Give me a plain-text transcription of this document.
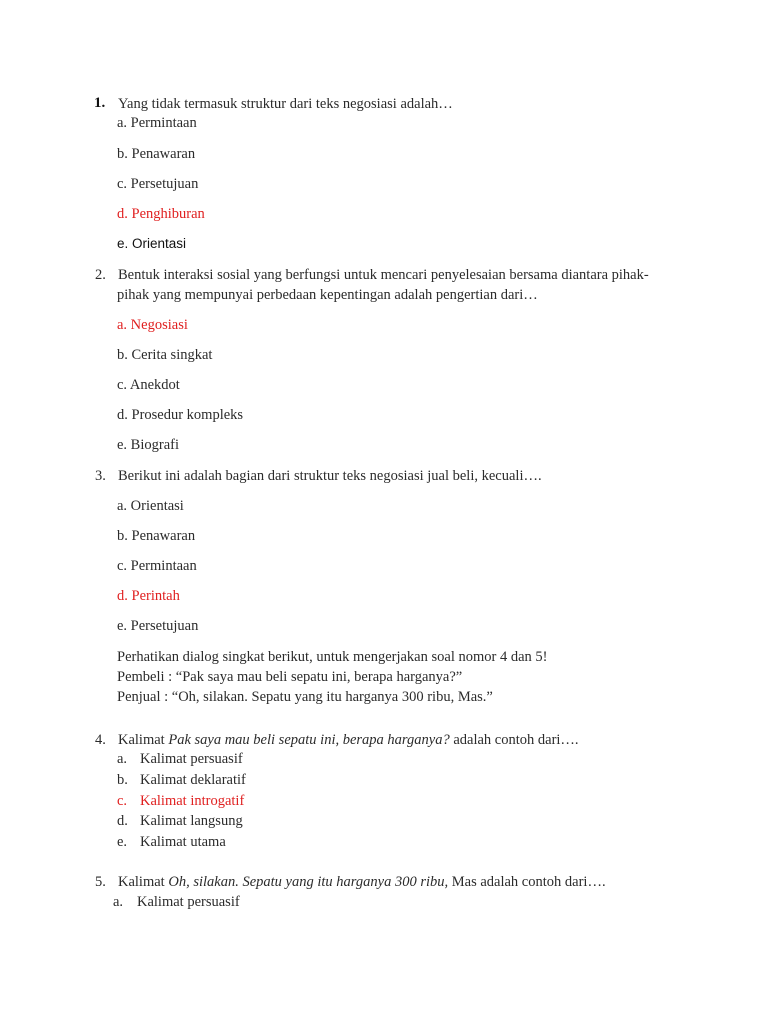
1. Yang tidak termasuk struktur dari teks negosiasi adalah…
a. Permintaan
b. Penawaran
c. Persetujuan
d. Penghiburan
e. Orientasi
2. Bentuk interaksi sosial yang berfungsi untuk mencari penyelesaian bersama diantara pihak-
pihak yang mempunyai perbedaan kepentingan adalah pengertian dari…
a. Negosiasi
b. Cerita singkat
c. Anekdot
d. Prosedur kompleks
e. Biografi
3. Berikut ini adalah bagian dari struktur teks negosiasi jual beli, kecuali….
a. Orientasi
b. Penawaran
c. Permintaan
d. Perintah
e. Persetujuan
Perhatikan dialog singkat berikut, untuk mengerjakan soal nomor 4 dan 5!
Pembeli : “Pak saya mau beli sepatu ini, berapa harganya?”
Penjual : “Oh, silakan. Sepatu yang itu harganya 300 ribu, Mas.”
4. Kalimat Pak saya mau beli sepatu ini, berapa harganya? adalah contoh dari….
a. Kalimat persuasif
b. Kalimat deklaratif
c. Kalimat introgatif
d. Kalimat langsung
e. Kalimat utama
5. Kalimat Oh, silakan. Sepatu yang itu harganya 300 ribu, Mas adalah contoh dari….
a. Kalimat persuasif
